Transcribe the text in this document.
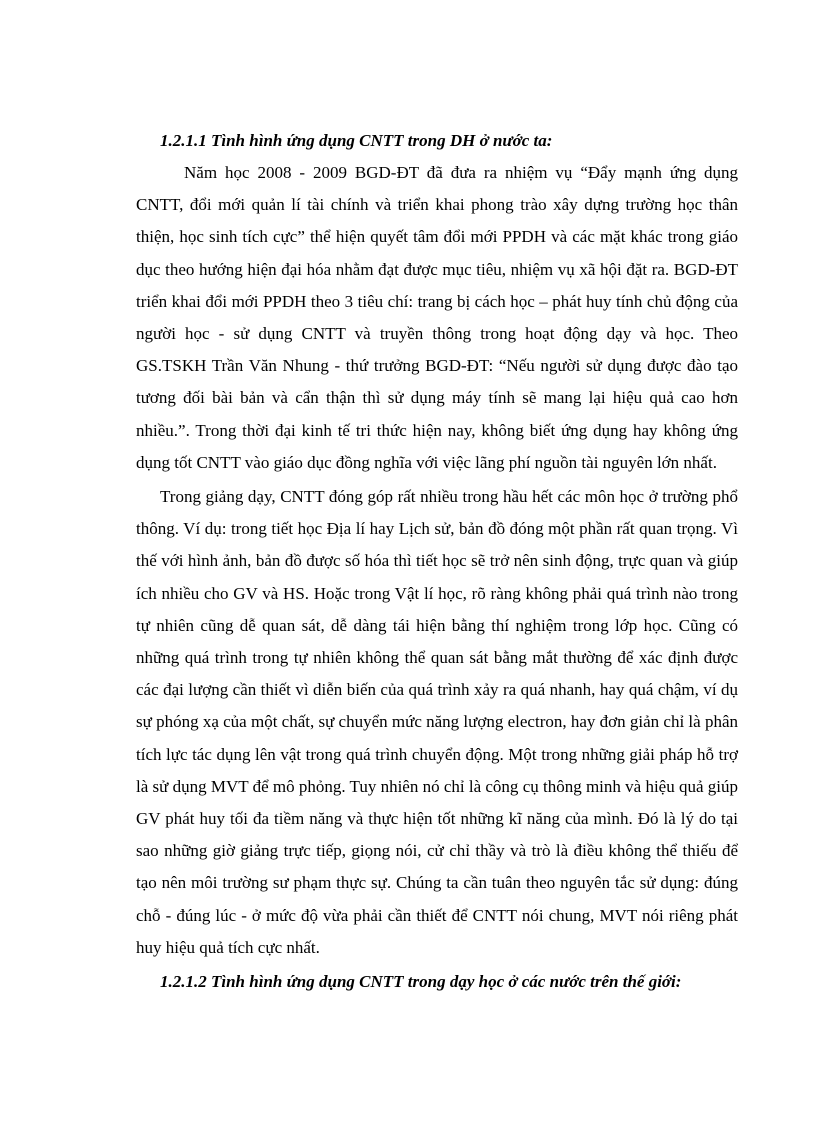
1.2.1.1 Tình hình ứng dụng CNTT trong DH ở nước ta:

Năm học 2008 - 2009 BGD-ĐT đã đưa ra nhiệm vụ “Đẩy mạnh ứng dụng CNTT, đổi mới quản lí tài chính và triển khai phong trào xây dựng trường học thân thiện, học sinh tích cực” thể hiện quyết tâm đổi mới PPDH và các mặt khác trong giáo dục theo hướng hiện đại hóa nhằm đạt được mục tiêu, nhiệm vụ xã hội đặt ra. BGD-ĐT triển khai đổi mới PPDH theo 3 tiêu chí: trang bị cách học – phát huy tính chủ động của người học - sử dụng CNTT và truyền thông trong hoạt động dạy và học. Theo GS.TSKH Trần Văn Nhung - thứ trưởng BGD-ĐT: “Nếu người sử dụng được đào tạo tương đối bài bản và cẩn thận thì sử dụng máy tính sẽ mang lại hiệu quả cao hơn nhiều.”. Trong thời đại kinh tế tri thức hiện nay, không biết ứng dụng hay không ứng dụng tốt CNTT vào giáo dục đồng nghĩa với việc lãng phí nguồn tài nguyên lớn nhất.

Trong giảng dạy, CNTT đóng góp rất nhiều trong hầu hết các môn học ở trường phổ thông. Ví dụ: trong tiết học Địa lí hay Lịch sử, bản đồ đóng một phần rất quan trọng. Vì thế với hình ảnh, bản đồ được số hóa thì tiết học sẽ trở nên sinh động, trực quan và giúp ích nhiều cho GV và HS. Hoặc trong Vật lí học, rõ ràng không phải quá trình nào trong tự nhiên cũng dễ quan sát, dễ dàng tái hiện bằng thí nghiệm trong lớp học. Cũng có những quá trình trong tự nhiên không thể quan sát bằng mắt thường để xác định được các đại lượng cần thiết vì diễn biến của quá trình xảy ra quá nhanh, hay quá chậm, ví dụ sự phóng xạ của một chất, sự chuyển mức năng lượng electron, hay đơn giản chỉ là phân tích lực tác dụng lên vật trong quá trình chuyển động. Một trong những giải pháp hỗ trợ là sử dụng MVT để mô phỏng. Tuy nhiên nó chỉ là công cụ thông minh và hiệu quả giúp GV phát huy tối đa tiềm năng và thực hiện tốt những kĩ năng của mình. Đó là lý do tại sao những giờ giảng trực tiếp, giọng nói, cử chỉ thầy và trò là điều không thể thiếu để tạo nên môi trường sư phạm thực sự. Chúng ta cần tuân theo nguyên tắc sử dụng: đúng chỗ - đúng lúc - ở mức độ vừa phải cần thiết để CNTT nói chung, MVT nói riêng phát huy hiệu quả tích cực nhất.

1.2.1.2 Tình hình ứng dụng CNTT trong dạy học ở các nước trên thế giới:
